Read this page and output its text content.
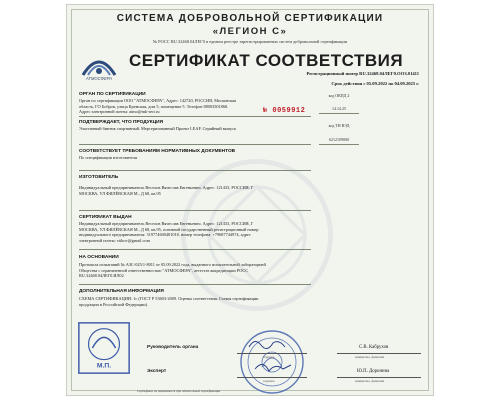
СИСТЕМА ДОБРОВОЛЬНОЙ СЕРТИФИКАЦИИ
«ЛЕГИОН С»
№ РОСС RU.32468.04ЛЕГ0 в едином реестре зарегистрированных систем добровольной сертификации
АТМОСФЕРА
СЕРТИФИКАТ СООТВЕТСТВИЯ
Регистрационный номер RU.32468.04ЛЕГ0.ООЗ.01411
Срок действия с 05.09.2022 по 04.09.2025 г.
ОРГАН ПО СЕРТИФИКАЦИИ
Орган по сертификации ООО "АТМОСФЕРА", Адрес: 142720, РОССИЯ, Московская
область, ГО Бобров, улица Кремская, дом 5, помещение 5. Телефон 88003501868.
Адрес электронной почты: atmo@mk-sert.ru	№ 0059912
ПОДТВЕРЖДАЕТ, ЧТО ПРОДУКЦИЯ
Эластичный бинтик спортивный. Мерсеризованный Проект LEAF. Серийный выпуск
СООТВЕТСТВУЕТ ТРЕБОВАНИЯМ НОРМАТИВНЫХ ДОКУМЕНТОВ
По спецификации изготовителя
код ОКПД 2
14.14.25
код ТН ВЭД
6212109000
ИЗГОТОВИТЕЛЬ
Индивидуальный предприниматель Веселов Вячеслав Евгеньевич. Адрес: 121433, РОССИЯ, Г
МОСКВА, УЛ ФИЛЁВСКАЯ М., Д 68, кв.95
СЕРТИФИКАТ ВЫДАН
Индивидуальный предприниматель Веселов Вячеслав Евгеньевич. Адрес: 121433, РОССИЯ, Г
МОСКВА, УЛ ФИЛЁВСКАЯ М., Д 68, кв.95, основной государственный регистрационный номер
индивидуального предпринимателя: 319774600481018, номер телефона: +79687744974, адрес
электронной почты: vtikov@gmail.com
НА ОСНОВАНИИ
Протокола испытаний № АЗС-025/1-8011 от 05.09.2022 года, выданного испытательной лабораторией
Общества с ограниченной ответственностью "АТМОСФЕРА", аттестат аккредитации РОСС
RU.32468.04ЛЕГ0.ИЛ02
ДОПОЛНИТЕЛЬНАЯ ИНФОРМАЦИЯ
СХЕМА СЕРТИФИКАЦИИ: 1с (ГОСТ Р 53603-2009. Оценка соответствия. Схемы сертификации
продукции в Российской Федерации).
М.П.
Руководитель органа
подпись
С.В. Кабрухов
инициалы, фамилия
Эксперт
подпись
Ю.П. Доронина
инициалы, фамилия
Сертификат не применяется при обязательной сертификации
